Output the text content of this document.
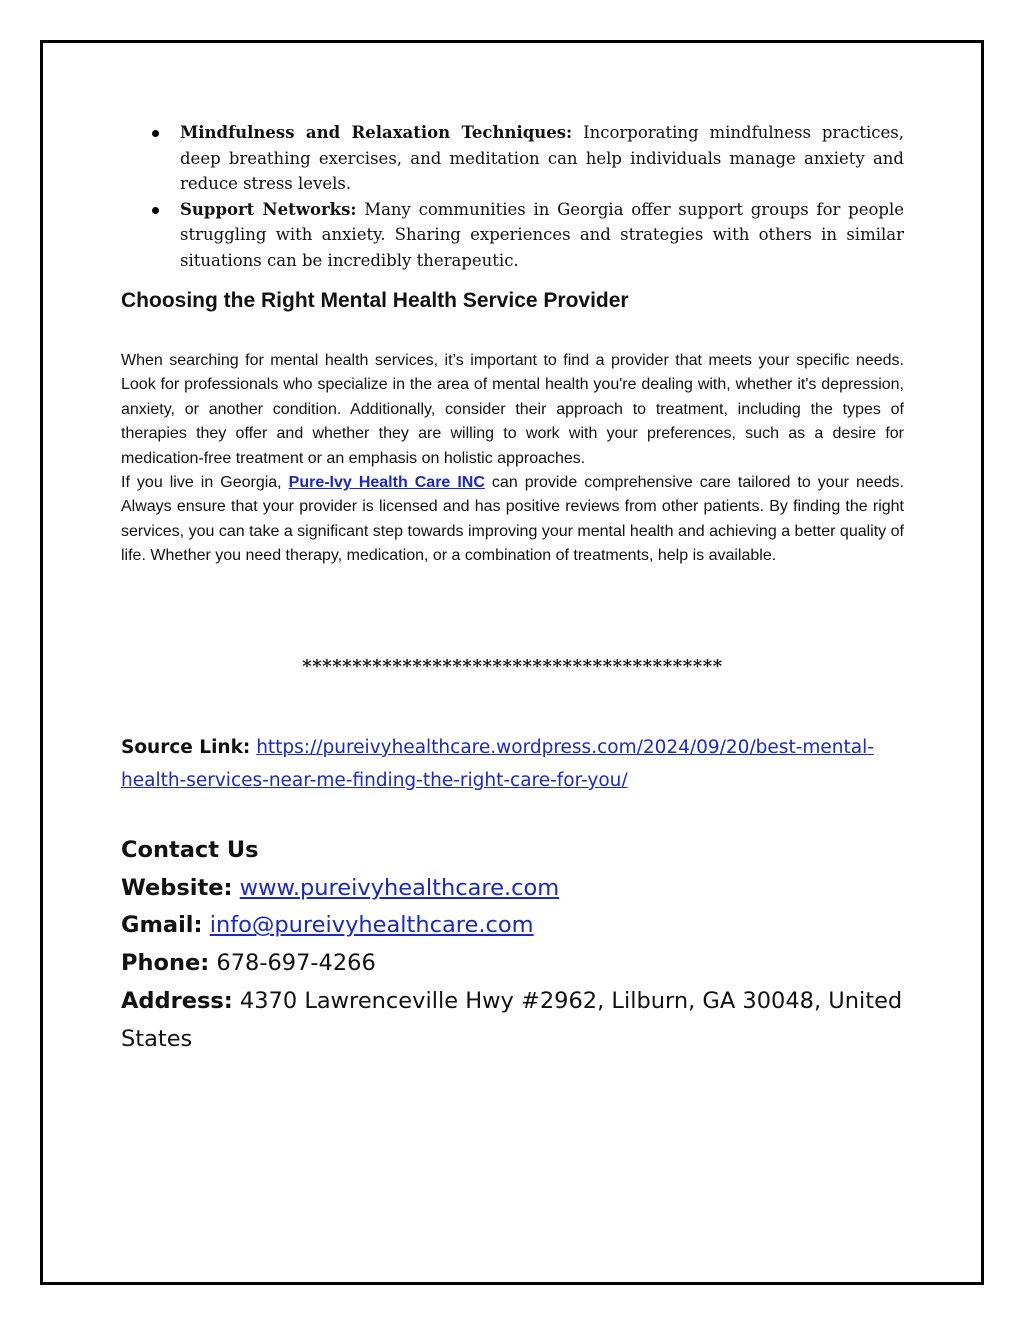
Mindfulness and Relaxation Techniques: Incorporating mindfulness practices, deep breathing exercises, and meditation can help individuals manage anxiety and reduce stress levels.
Support Networks: Many communities in Georgia offer support groups for people struggling with anxiety. Sharing experiences and strategies with others in similar situations can be incredibly therapeutic.
Choosing the Right Mental Health Service Provider

When searching for mental health services, it’s important to find a provider that meets your specific needs. Look for professionals who specialize in the area of mental health you're dealing with, whether it's depression, anxiety, or another condition. Additionally, consider their approach to treatment, including the types of therapies they offer and whether they are willing to work with your preferences, such as a desire for medication-free treatment or an emphasis on holistic approaches.

If you live in Georgia, Pure-Ivy Health Care INC can provide comprehensive care tailored to your needs. Always ensure that your provider is licensed and has positive reviews from other patients. By finding the right services, you can take a significant step towards improving your mental health and achieving a better quality of life. Whether you need therapy, medication, or a combination of treatments, help is available.

******************************************
Source Link: https://pureivyhealthcare.wordpress.com/2024/09/20/best-mental-health-services-near-me-finding-the-right-care-for-you/
Contact Us
Website: www.pureivyhealthcare.com
Gmail: info@pureivyhealthcare.com
Phone: 678-697-4266
Address: 4370 Lawrenceville Hwy #2962, Lilburn, GA 30048, United States
